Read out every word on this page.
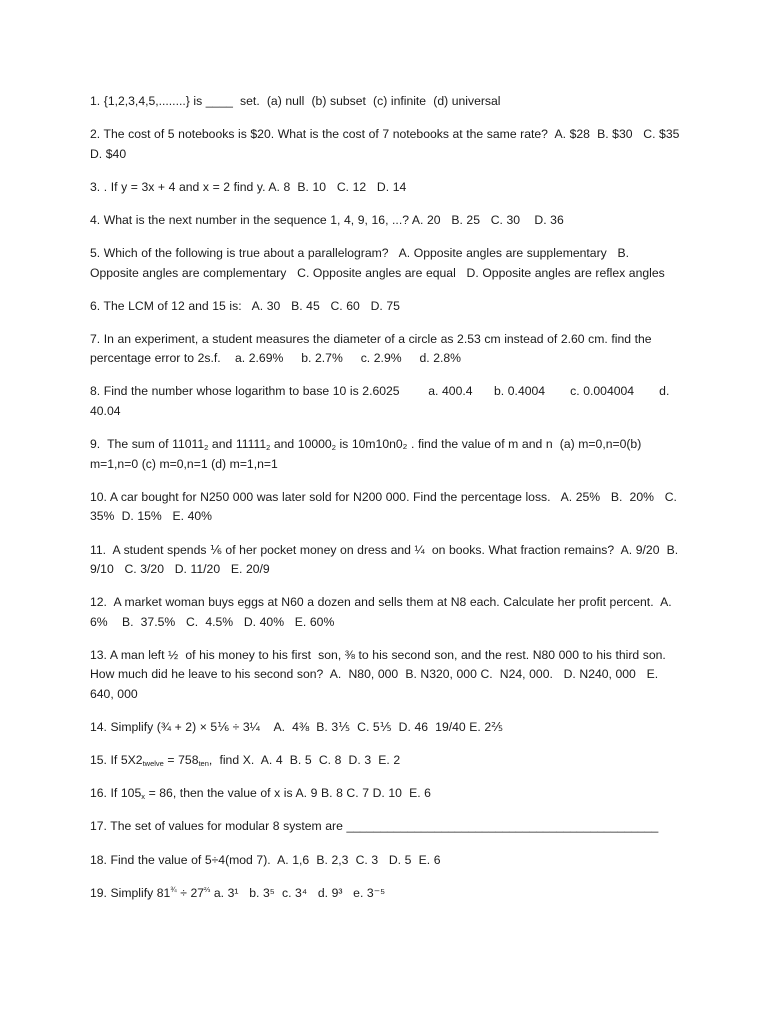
1. {1,2,3,4,5,........} is ____  set.  (a) null  (b) subset  (c) infinite  (d) universal
2. The cost of 5 notebooks is $20. What is the cost of 7 notebooks at the same rate?  A. $28  B. $30   C. $35  D. $40
3. . If y = 3x + 4 and x = 2 find y. A. 8  B. 10   C. 12   D. 14
4. What is the next number in the sequence 1, 4, 9, 16, ...? A. 20   B. 25   C. 30    D. 36
5. Which of the following is true about a parallelogram?   A. Opposite angles are supplementary   B. Opposite angles are complementary   C. Opposite angles are equal   D. Opposite angles are reflex angles
6. The LCM of 12 and 15 is:   A. 30   B. 45   C. 60   D. 75
7. In an experiment, a student measures the diameter of a circle as 2.53 cm instead of 2.60 cm. find the percentage error to 2s.f.    a. 2.69%     b. 2.7%     c. 2.9%     d. 2.8%
8. Find the number whose logarithm to base 10 is 2.6025        a. 400.4      b. 0.4004       c. 0.004004       d. 40.04
9.  The sum of $11011_2$ and $11111_2$ and $10000_2$ is 10m10n0₂ . find the value of m and n  (a) m=0,n=0(b) m=1,n=0 (c) m=0,n=1 (d) m=1,n=1
10. A car bought for N250 000 was later sold for N200 000. Find the percentage loss.   A. 25%   B.  20%   C. 35%  D. 15%   E. 40%
11.  A student spends ⅙ of her pocket money on dress and ¼  on books. What fraction remains?  A. 9/20  B. 9/10   C. 3/20   D. 11/20   E. 20/9
12.  A market woman buys eggs at N60 a dozen and sells them at N8 each. Calculate her profit percent.  A. 6%    B.  37.5%   C.  4.5%   D. 40%   E. 60%
13. A man left ½  of his money to his first  son, ⅜ to his second son, and the rest. N80 000 to his third son. How much did he leave to his second son?  A.  N80, 000  B. N320, 000 C.  N24, 000.   D. N240, 000   E.  640, 000
14. Simplify (¾ + 2) × 5⅙ ÷ 3¼    A.  4⅜  B. 3⅕  C. 5⅕  D. 46  19/40 E. 2⅖
15. If $5X2_{twelve} = 758_{ten}$,  find X.  A. 4  B. 5  C. 8  D. 3  E. 2
16. If $105_x = 86$, then the value of x is A. 9 B. 8 C. 7 D. 10  E. 6
17. The set of values for modular 8 system are ______________________________________________
18. Find the value of 5÷4(mod 7).  A. 1,6  B. 2,3  C. 3   D. 5  E. 6
19. Simplify $81^{\frac{3}{4}} \div 27^{\frac{2}{3}}$ a. 3¹   b. 3⁵  c. 3⁴   d. 9³   e. 3⁻⁵
